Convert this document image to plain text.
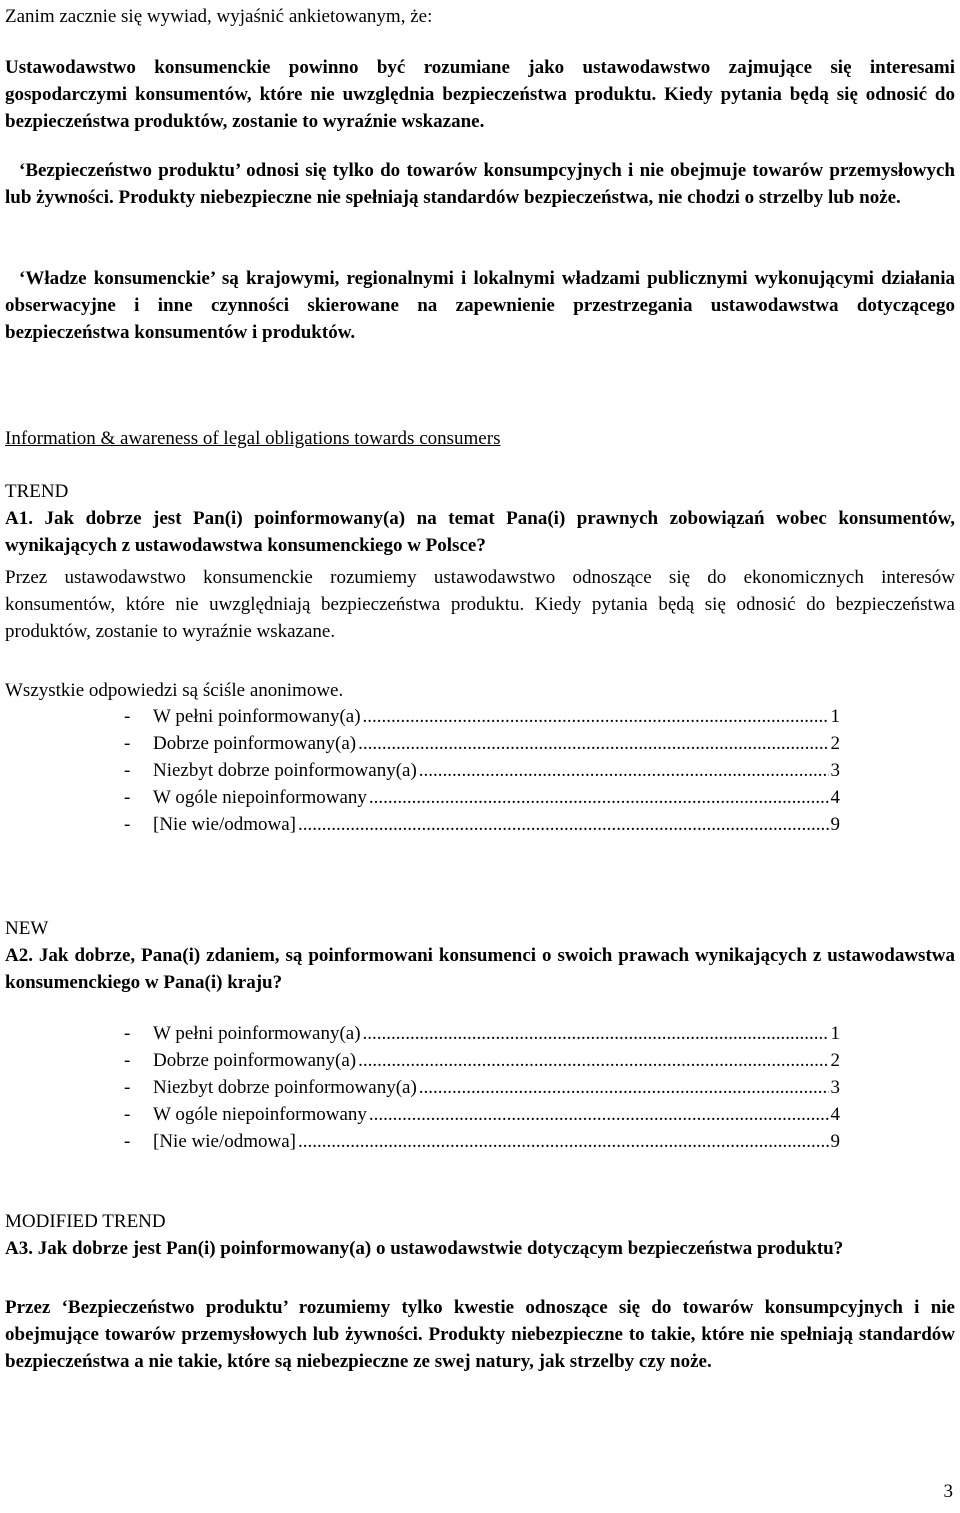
Zanim zacznie się wywiad, wyjaśnić ankietowanym, że:

Ustawodawstwo konsumenckie powinno być rozumiane jako ustawodawstwo zajmujące się interesami gospodarczymi konsumentów, które nie uwzględnia bezpieczeństwa produktu. Kiedy pytania będą się odnosić do bezpieczeństwa produktów, zostanie to wyraźnie wskazane.

‘Bezpieczeństwo produktu’ odnosi się tylko do towarów konsumpcyjnych i nie obejmuje towarów przemysłowych lub żywności. Produkty niebezpieczne nie spełniają standardów bezpieczeństwa, nie chodzi o strzelby lub noże.

‘Władze konsumenckie’ są krajowymi, regionalnymi i lokalnymi władzami publicznymi wykonującymi działania obserwacyjne i inne czynności skierowane na zapewnienie przestrzegania ustawodawstwa dotyczącego bezpieczeństwa konsumentów i produktów.

Information & awareness of legal obligations towards consumers

TREND

A1. Jak dobrze jest Pan(i) poinformowany(a) na temat Pana(i) prawnych zobowiązań wobec konsumentów, wynikających z ustawodawstwa konsumenckiego w Polsce?

Przez ustawodawstwo konsumenckie rozumiemy ustawodawstwo odnoszące się do ekonomicznych interesów konsumentów, które nie uwzględniają bezpieczeństwa produktu. Kiedy pytania będą się odnosić do bezpieczeństwa produktów, zostanie to wyraźnie wskazane.

Wszystkie odpowiedzi są ściśle anonimowe.

-	W pełni poinformowany(a) .....	1
-	Dobrze poinformowany(a) .....	2
-	Niezbyt dobrze poinformowany(a) .....	3
-	W ogóle niepoinformowany .....	4
-	[Nie wie/odmowa] .....	9

NEW

A2. Jak dobrze, Pana(i) zdaniem, są poinformowani konsumenci o swoich prawach wynikających z ustawodawstwa konsumenckiego w Pana(i) kraju?

-	W pełni poinformowany(a) .....	1
-	Dobrze poinformowany(a) .....	2
-	Niezbyt dobrze poinformowany(a) .....	3
-	W ogóle niepoinformowany .....	4
-	[Nie wie/odmowa] .....	9

MODIFIED TREND

A3. Jak dobrze jest Pan(i) poinformowany(a) o ustawodawstwie dotyczącym bezpieczeństwa produktu?

Przez ‘Bezpieczeństwo produktu’ rozumiemy tylko kwestie odnoszące się do towarów konsumpcyjnych i nie obejmujące towarów przemysłowych lub żywności. Produkty niebezpieczne to takie, które nie spełniają standardów bezpieczeństwa a nie takie, które są niebezpieczne ze swej natury, jak strzelby czy noże.

3
